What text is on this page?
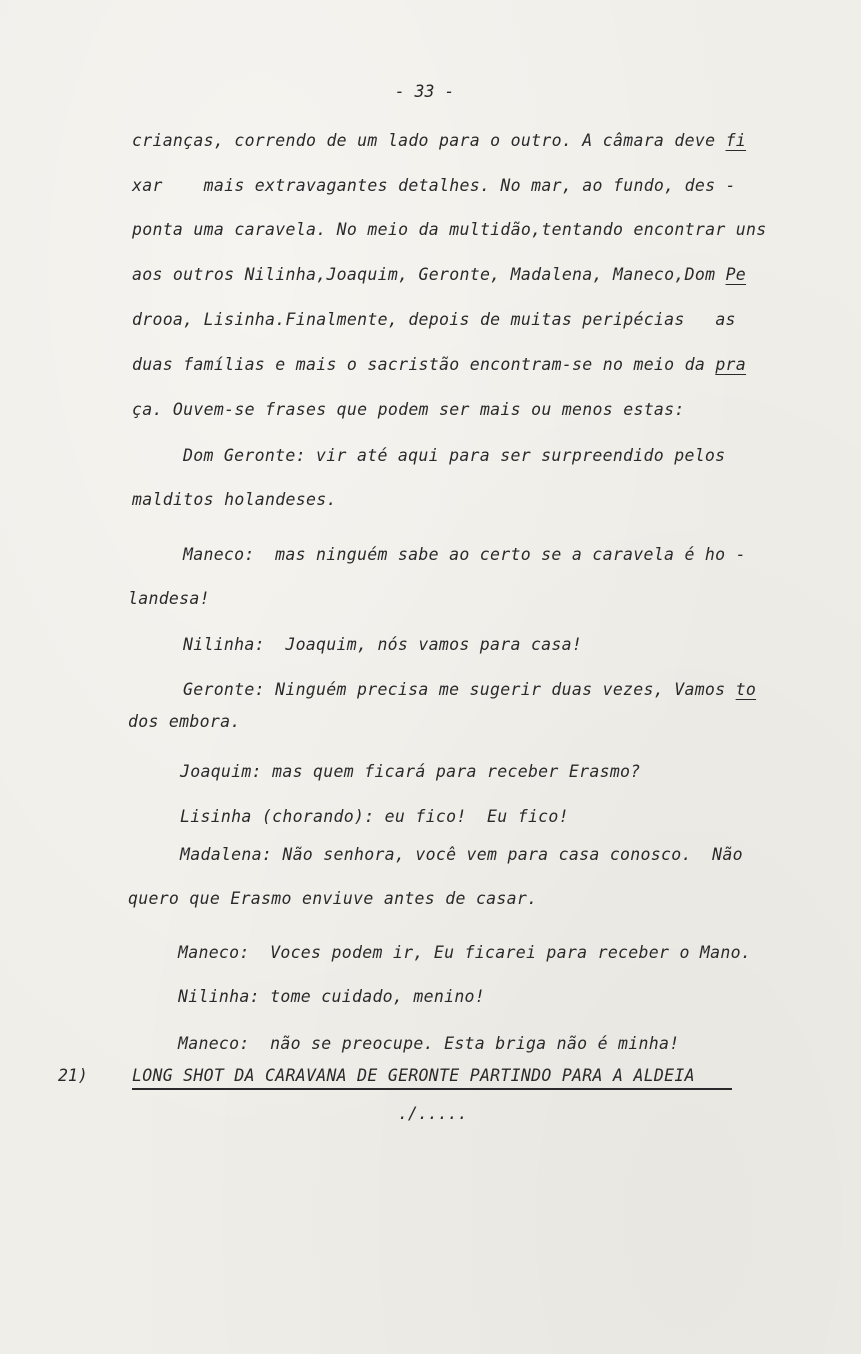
- 33 -
crianças, correndo de um lado para o outro. A câmara deve fi
xar    mais extravagantes detalhes. No mar, ao fundo, des -
ponta uma caravela. No meio da multidão,tentando encontrar uns
aos outros Nilinha,Joaquim, Geronte, Madalena, Maneco,Dom Pe
drooa, Lisinha.Finalmente, depois de muitas peripécias   as
duas famílias e mais o sacristão encontram-se no meio da pra
ça. Ouvem-se frases que podem ser mais ou menos estas:
Dom Geronte: vir até aqui para ser surpreendido pelos
malditos holandeses.
Maneco:  mas ninguém sabe ao certo se a caravela é ho -
landesa!
Nilinha:  Joaquim, nós vamos para casa!
Geronte: Ninguém precisa me sugerir duas vezes, Vamos to
dos embora.
Joaquim: mas quem ficará para receber Erasmo?
Lisinha (chorando): eu fico!  Eu fico!
Madalena: Não senhora, você vem para casa conosco.  Não
quero que Erasmo enviuve antes de casar.
Maneco:  Voces podem ir, Eu ficarei para receber o Mano.
Nilinha: tome cuidado, menino!
Maneco:  não se preocupe. Esta briga não é minha!
21)	LONG SHOT DA CARAVANA DE GERONTE PARTINDO PARA A ALDEIA
./.....
